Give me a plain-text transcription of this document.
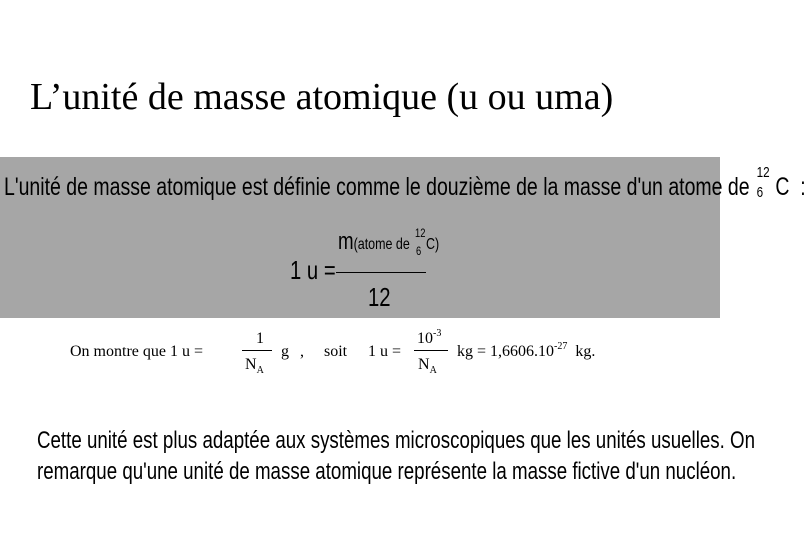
L’unité de masse atomique (u ou uma)
L'unité de masse atomique est définie comme le douzième de la masse d'un atome de
12
6 C :
1 u =
m(atome de $^{12}_6$ C)
12
On montre que 1 u =
1
$N_A$
g , soit 1 u =
$10^{-3}$
$N_A$
kg = $1,6606.10^{-27}$ kg.
Cette unité est plus adaptée aux systèmes microscopiques que les unités usuelles. On
remarque qu'une unité de masse atomique représente la masse fictive d'un nucléon.
